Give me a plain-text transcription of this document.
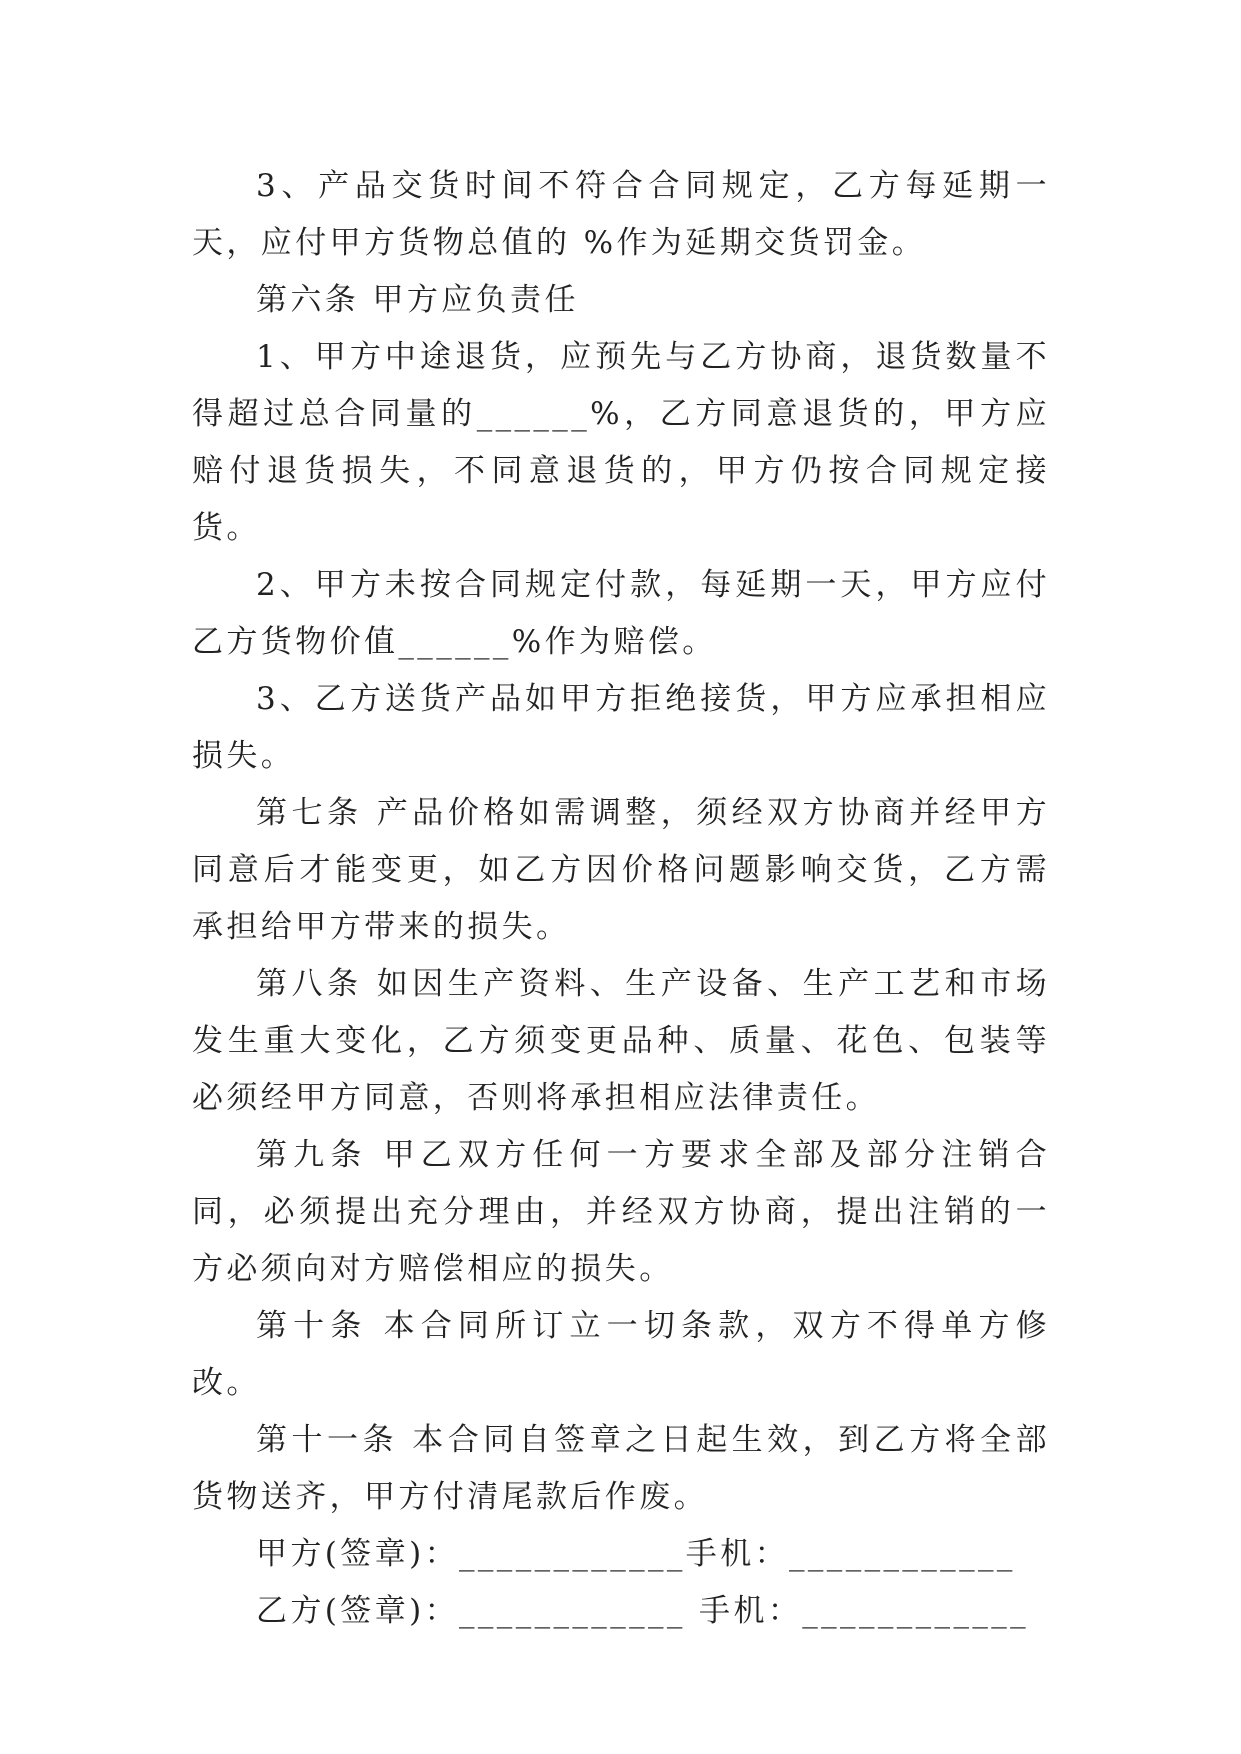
3、产品交货时间不符合合同规定，乙方每延期一天，应付甲方货物总值的 %作为延期交货罚金。

第六条 甲方应负责任

1、甲方中途退货，应预先与乙方协商，退货数量不得超过总合同量的______%，乙方同意退货的，甲方应赔付退货损失，不同意退货的，甲方仍按合同规定接货。

2、甲方未按合同规定付款，每延期一天，甲方应付乙方货物价值______%作为赔偿。

3、乙方送货产品如甲方拒绝接货，甲方应承担相应损失。

第七条 产品价格如需调整，须经双方协商并经甲方同意后才能变更，如乙方因价格问题影响交货，乙方需承担给甲方带来的损失。

第八条 如因生产资料、生产设备、生产工艺和市场发生重大变化，乙方须变更品种、质量、花色、包装等必须经甲方同意，否则将承担相应法律责任。

第九条 甲乙双方任何一方要求全部及部分注销合同，必须提出充分理由，并经双方协商，提出注销的一方必须向对方赔偿相应的损失。

第十条 本合同所订立一切条款，双方不得单方修改。

第十一条 本合同自签章之日起生效，到乙方将全部货物送齐，甲方付清尾款后作废。

甲方(签章)：____________手机：____________

乙方(签章)：____________ 手机：____________
